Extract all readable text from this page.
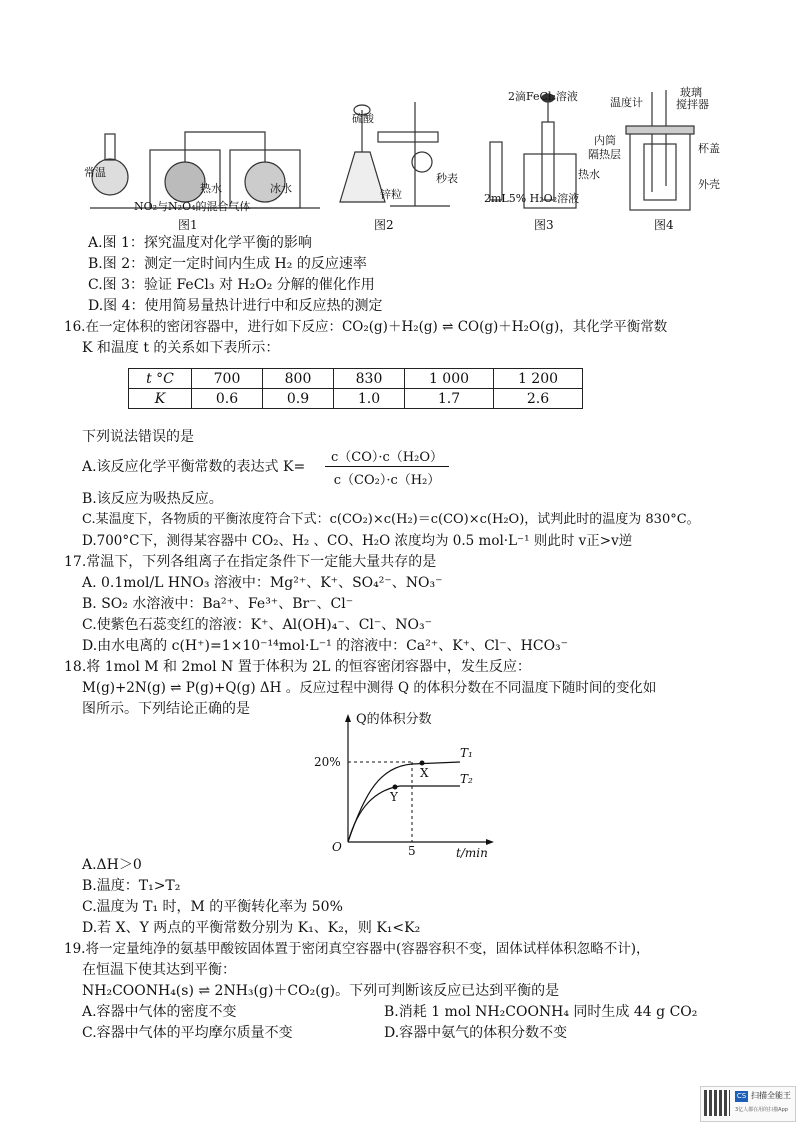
常温
热水	冰水
NO₂与N₂O₄的混合气体
图1
硫酸
锌粒
秒表
图2
2滴FeCl₃溶液
热水
2mL5% H₂O₂溶液
图3
温度计
玻璃
搅拌器
内筒
隔热层	杯盖
外壳
图4
A.图 1：探究温度对化学平衡的影响
B.图 2：测定一定时间内生成 H₂ 的反应速率
C.图 3：验证 FeCl₃ 对 H₂O₂ 分解的催化作用
D.图 4：使用简易量热计进行中和反应热的测定
16.在一定体积的密闭容器中，进行如下反应：CO₂(g)＋H₂(g) ⇌ CO(g)＋H₂O(g)，其化学平衡常数
K 和温度 t 的关系如下表所示：
t °C	700	800	830	1 000	1 200
K	0.6	0.9	1.0	1.7	2.6
下列说法错误的是
A.该反应化学平衡常数的表达式 $K= \frac{\text{c（CO）·c（H₂O）}}{\text{c（CO₂）·c（H₂）}}$
B.该反应为吸热反应。
C.某温度下，各物质的平衡浓度符合下式：c(CO₂)×c(H₂)＝c(CO)×c(H₂O)，试判此时的温度为 830°C。
D.700°C下，测得某容器中 CO₂、H₂ 、CO、H₂O 浓度均为 0.5 mol·L⁻¹ 则此时 v正>v逆
17.常温下，下列各组离子在指定条件下一定能大量共存的是
A. 0.1mol/L HNO₃ 溶液中：Mg²⁺、K⁺、SO₄²⁻、NO₃⁻
B. SO₂ 水溶液中：Ba²⁺、Fe³⁺、Br⁻、Cl⁻
C.使紫色石蕊变红的溶液：K⁺、Al(OH)₄⁻、Cl⁻、NO₃⁻
D.由水电离的 c(H⁺)=1×10⁻¹⁴mol·L⁻¹ 的溶液中：Ca²⁺、K⁺、Cl⁻、HCO₃⁻
18.将 1mol M 和 2mol N 置于体积为 2L 的恒容密闭容器中，发生反应：
M(g)+2N(g) ⇌ P(g)+Q(g) ΔH 。反应过程中测得 Q 的体积分数在不同温度下随时间的变化如
图所示。下列结论正确的是
Q的体积分数
20%
5	t/min
O
T₁
T₂
X
Y
A.ΔH＞0
B.温度：T₁>T₂
C.温度为 T₁ 时，M 的平衡转化率为 50%
D.若 X、Y 两点的平衡常数分别为 K₁、K₂，则 K₁<K₂
19.将一定量纯净的氨基甲酸铵固体置于密闭真空容器中(容器容积不变，固体试样体积忽略不计)，
在恒温下使其达到平衡：
NH₂COONH₄(s) ⇌ 2NH₃(g)＋CO₂(g)。下列可判断该反应已达到平衡的是
A.容器中气体的密度不变	B.消耗 1 mol NH₂COONH₄ 同时生成 44 g CO₂
C.容器中气体的平均摩尔质量不变	D.容器中氨气的体积分数不变
CS 扫描全能王
3亿人都在用的扫描App
